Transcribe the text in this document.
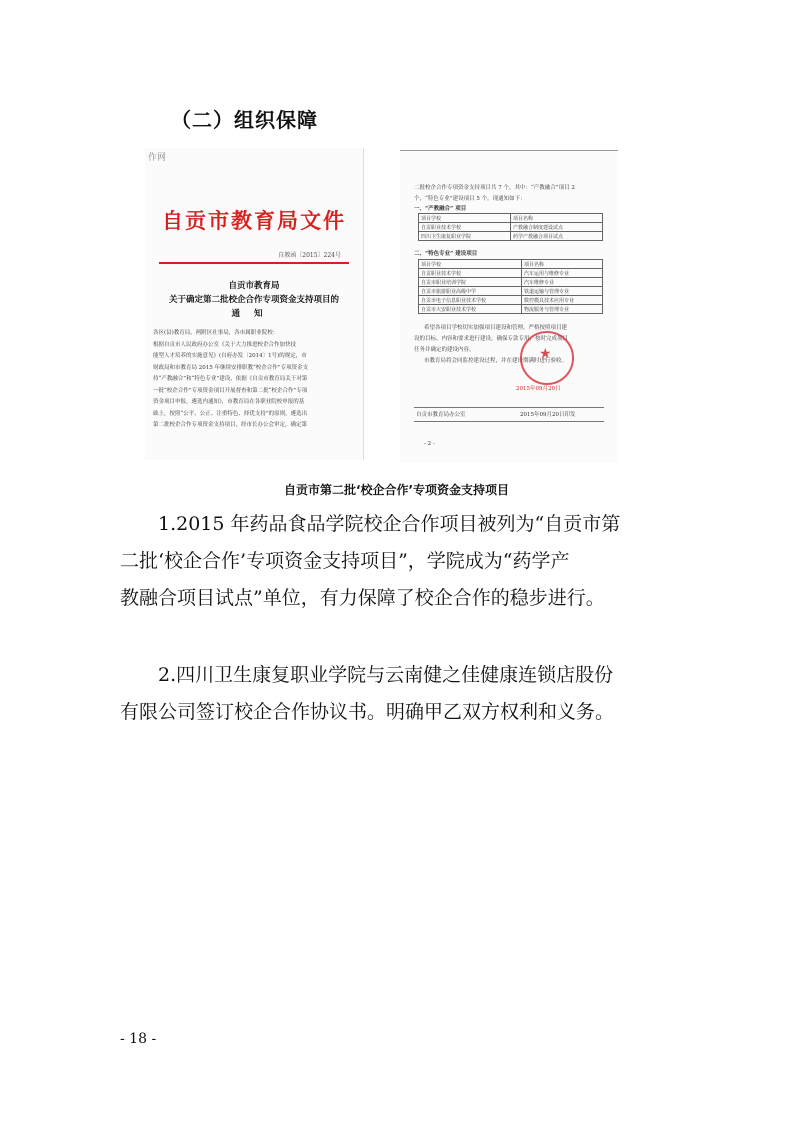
（二）组织保障
作网
自贡市教育局文件
自教函〔2015〕224号
自贡市教育局
关于确定第二批校企合作专项资金支持项目的
通知
各区(县)教育局，两附区社事局，各市属职业院校：
根据自贡市人民政府办公室《关于大力推进校企合作加快技
能型人才培养的实施意见》(自府办发〔2014〕1号)的规定，市
财政局和市教育局 2015 年继续安排职教“校企合作”专项资金支
持“产教融合”和“特色专业”建设，依据《自贡市教育局关于对第
一批“校企合作”专项资金项目开展督查和第二批“校企合作”专项
资金项目申报，遴选内通知》，市教育局在各职业院校申报的基
础上，按照“公平、公正、注重特色、择优支持”的原则，遴选出
第二批校企合作专项资金支持项目，经市长办公会审定，确定第
二批校企合作专项资金支持项目共 7 个，其中：“产教融合”项目 2
个，“特色专业”建设项目 5 个。现通知如下：
一、“产教融合” 项目
项目学校	项目名称
自贡职业技术学校	产教融合制度建设试点
四川卫生康复职业学院	药学产教融合项目试点
二、“特色专业” 建设项目
项目学校	项目名称
自贡职业技术学校	汽车运用与维修专业
自贡市职业培训学院	汽车维修专业
自贡市旅游职业高级中学	铁道运输与管理专业
自贡市电子信息职业技术学校	数控模具技术应用专业
自贡市大安职业技术学校	物流服务与管理专业
希望各项目学校切实加强项目建设和管理，严格按照项目建
设的目标、内容和要求进行建设，确保专款专用，按时完成项目
任务并确定的建设内容。
市教育局将会同监控建设过程，并在建设期满时进行验收。
★
2015年09月20日
自贡市教育局办公室	2015年09月20日印发
- 2 -
自贡市第二批‘校企合作’专项资金支持项目
1.2015 年药品食品学院校企合作项目被列为“自贡市第
二批‘校企合作’专项资金支持项目”，学院成为“药学产
教融合项目试点”单位，有力保障了校企合作的稳步进行。
2.四川卫生康复职业学院与云南健之佳健康连锁店股份
有限公司签订校企合作协议书。明确甲乙双方权利和义务。
- 18 -
